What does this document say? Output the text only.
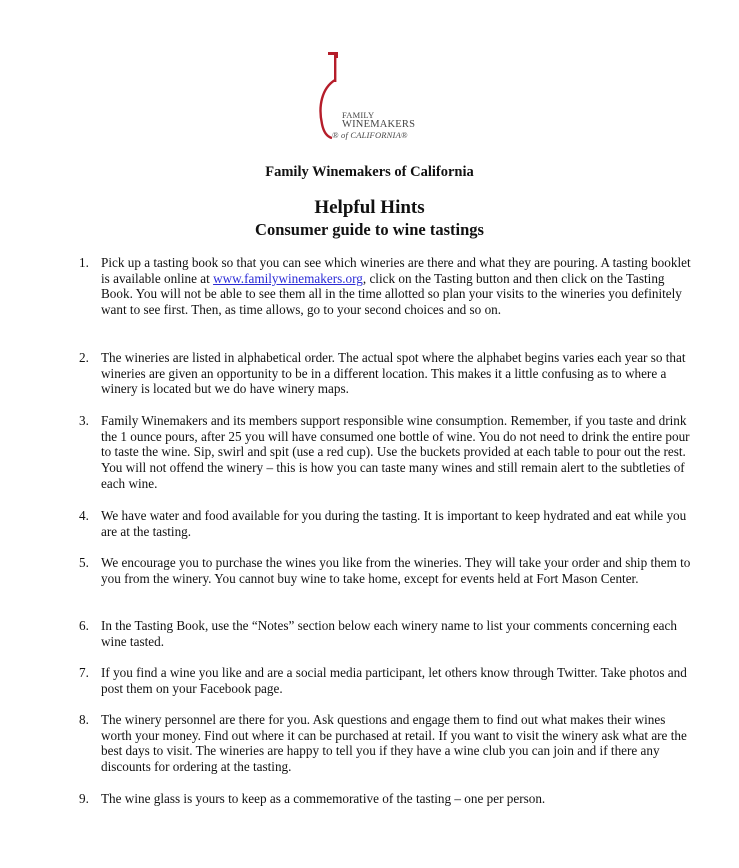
FAMILY
WINEMAKERS
® of CALIFORNIA®
Family Winemakers of California
Helpful Hints
Consumer guide to wine tastings
1. Pick up a tasting book so that you can see which wineries are there and what they are pouring. A tasting booklet is available online at www.familywinemakers.org, click on the Tasting button and then click on the Tasting Book. You will not be able to see them all in the time allotted so plan your visits to the wineries you definitely want to see first. Then, as time allows, go to your second choices and so on.
2. The wineries are listed in alphabetical order. The actual spot where the alphabet begins varies each year so that wineries are given an opportunity to be in a different location. This makes it a little confusing as to where a winery is located but we do have winery maps.
3. Family Winemakers and its members support responsible wine consumption. Remember, if you taste and drink the 1 ounce pours, after 25 you will have consumed one bottle of wine. You do not need to drink the entire pour to taste the wine. Sip, swirl and spit (use a red cup). Use the buckets provided at each table to pour out the rest. You will not offend the winery – this is how you can taste many wines and still remain alert to the subtleties of each wine.
4. We have water and food available for you during the tasting. It is important to keep hydrated and eat while you are at the tasting.
5. We encourage you to purchase the wines you like from the wineries. They will take your order and ship them to you from the winery. You cannot buy wine to take home, except for events held at Fort Mason Center.
6. In the Tasting Book, use the “Notes” section below each winery name to list your comments concerning each wine tasted.
7. If you find a wine you like and are a social media participant, let others know through Twitter. Take photos and post them on your Facebook page.
8. The winery personnel are there for you. Ask questions and engage them to find out what makes their wines worth your money. Find out where it can be purchased at retail. If you want to visit the winery ask what are the best days to visit. The wineries are happy to tell you if they have a wine club you can join and if there any discounts for ordering at the tasting.
9. The wine glass is yours to keep as a commemorative of the tasting – one per person.
